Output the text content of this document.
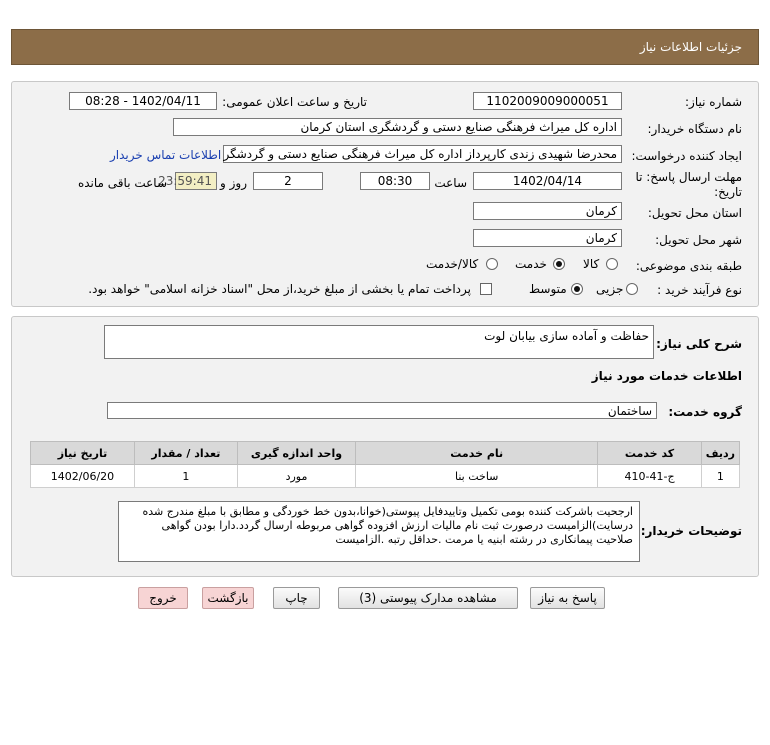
جزئیات اطلاعات نیاز
شماره نیاز:
1102009009000051
تاریخ و ساعت اعلان عمومی:
1402/04/11 - 08:28
نام دستگاه خریدار:
اداره کل میراث فرهنگی صنایع دستی و گردشگری استان کرمان
ایجاد کننده درخواست:
محدرضا شهیدی زندی کارپرداز اداره کل میراث فرهنگی صنایع دستی و گردشگر
اطلاعات تماس خریدار
مهلت ارسال پاسخ: تا
تاریخ:
1402/04/14
ساعت
08:30
2
روز و
23:59:41
ساعت باقی مانده
استان محل تحویل:
کرمان
شهر محل تحویل:
کرمان
طبقه بندی موضوعی:
کالا
خدمت
کالا/خدمت
نوع فرآیند خرید :
جزیی
متوسط
پرداخت تمام یا بخشی از مبلغ خرید،از محل "اسناد خزانه اسلامی" خواهد بود.
شرح کلی نیاز:
حفاظت و آماده سازی بیابان لوت
اطلاعات خدمات مورد نیاز
گروه خدمت:
ساختمان
ردیف	کد خدمت	نام خدمت	واحد اندازه گیری	تعداد / مقدار	تاریخ نیاز
1	ج-41-410	ساخت بنا	مورد	1	1402/06/20
توضیحات خریدار:
ارجحیت باشرکت کننده بومی تکمیل وتاییدفایل پیوستی(خوانا،بدون خط خوردگی و مطابق با مبلغ مندرج شده درسایت)الزامیست درصورت ثبت نام مالیات ارزش افزوده گواهی مربوطه ارسال گردد.دارا بودن گواهی صلاحیت پیمانکاری در رشته ابنیه یا مرمت .حداقل رتبه .الزامیست
پاسخ به نیاز
مشاهده مدارک پیوستی (3)
چاپ
بازگشت
خروج
